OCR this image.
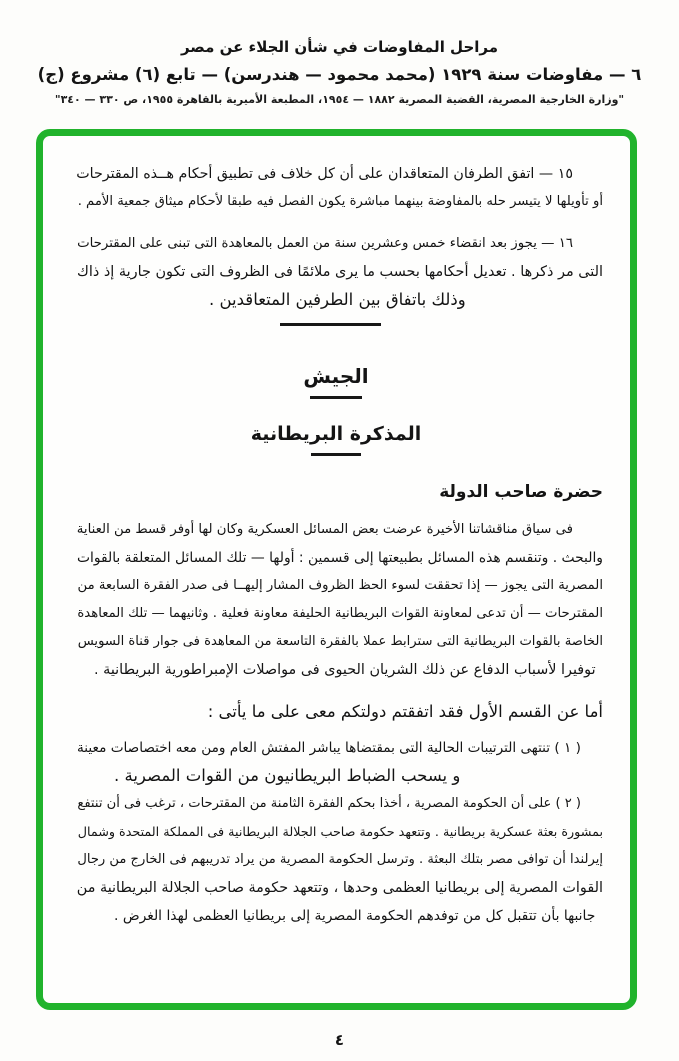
مراحل المفاوضات في شأن الجلاء عن مصر
٦ — مفاوضات سنة ١٩٢٩ (محمد محمود — هندرسن) — تابع (٦) مشروع (ج)
"وزارة الخارجية المصرية، القضية المصرية ١٨٨٢ — ١٩٥٤، المطبعة الأميرية بالقاهرة ١٩٥٥، ص ٣٣٠ — ٣٤٠"
١٥ — اتفق الطرفان المتعاقدان على أن كل خلاف فى تطبيق أحكام هــذه المقترحات
أو تأويلها لا يتيسر حله بالمفاوضة بينهما مباشرة يكون الفصل فيه طبقا لأحكام ميثاق جمعية الأمم .
١٦ — يجوز بعد انقضاء خمس وعشرين سنة من العمل بالمعاهدة التى تبنى على المقترحات
التى مر ذكرها . تعديل أحكامها بحسب ما يرى ملائمًا فى الظروف التى تكون جارية إذ ذاك
وذلك باتفاق بين الطرفين المتعاقدين .
الجيش
المذكرة البريطانية
حضرة صاحب الدولة
فى سياق مناقشاتنا الأخيرة عرضت بعض المسائل العسكرية وكان لها أوفر قسط من العناية
والبحث . وتنقسم هذه المسائل بطبيعتها إلى قسمين : أولها — تلك المسائل المتعلقة بالقوات
المصرية التى يجوز — إذا تحققت لسوء الحظ الظروف المشار إليهــا فى صدر الفقرة السابعة من
المقترحات — أن تدعى لمعاونة القوات البريطانية الحليفة معاونة فعلية . وثانيهما — تلك المعاهدة
الخاصة بالقوات البريطانية التى سترابط عملا بالفقرة التاسعة من المعاهدة فى جوار قناة السويس
توفيرا لأسباب الدفاع عن ذلك الشريان الحيوى فى مواصلات الإمبراطورية البريطانية .
أما عن القسم الأول فقد اتفقتم دولتكم معى على ما يأتى :
( ١ ) تنتهى الترتيبات الحالية التى بمقتضاها يباشر المفتش العام ومن معه اختصاصات معينة
و يسحب الضباط البريطانيون من القوات المصرية .
( ٢ ) على أن الحكومة المصرية ، أخذا بحكم الفقرة الثامنة من المقترحات ، ترغب فى أن تنتفع
بمشورة بعثة عسكرية بريطانية . وتتعهد حكومة صاحب الجلالة البريطانية فى المملكة المتحدة وشمال
إيرلندا أن توافى مصر بتلك البعثة . وترسل الحكومة المصرية من يراد تدريبهم فى الخارج من رجال
القوات المصرية إلى بريطانيا العظمى وحدها ، وتتعهد حكومة صاحب الجلالة البريطانية من
جانبها بأن تتقبل كل من توفدهم الحكومة المصرية إلى بريطانيا العظمى لهذا الغرض .
٤
